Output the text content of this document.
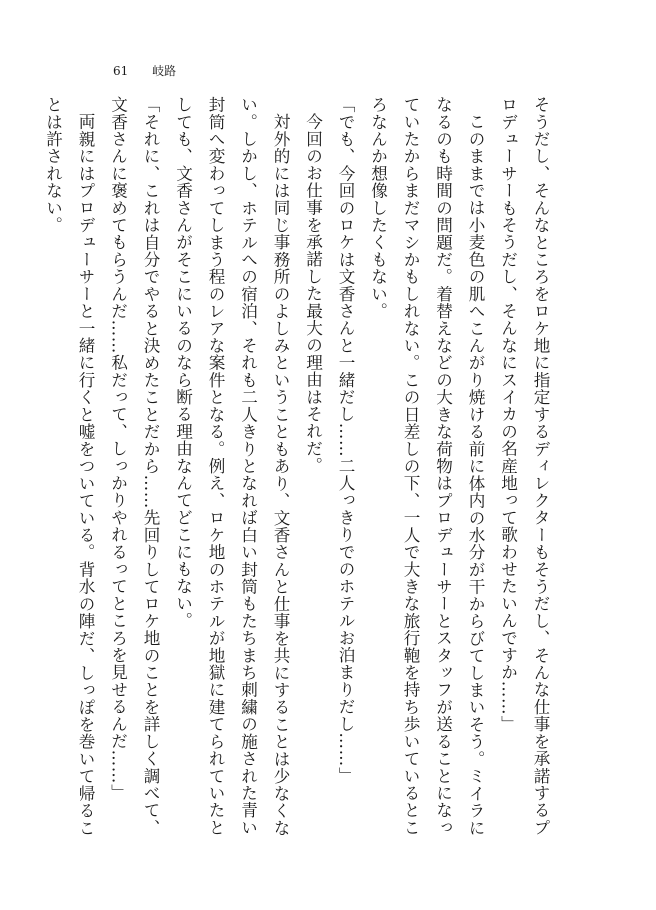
61 岐路

そうだし、そんなところをロケ地に指定するディレクターもそうだし、そんな仕事を承諾するプロデューサーもそうだし、そんなにスイカの名産地って歌わせたいんですか……」

このままでは小麦色の肌へこんがり焼ける前に体内の水分が干からびてしまいそう。ミイラになるのも時間の問題だ。着替えなどの大きな荷物はプロデューサーとスタッフが送ることになっていたからまだマシかもしれない。この日差しの下、一人で大きな旅行鞄を持ち歩いているところなんか想像したくもない。

「でも、今回のロケは文香さんと一緒だし……二人っきりでのホテルお泊まりだし……」

今回のお仕事を承諾した最大の理由はそれだ。

対外的には同じ事務所のよしみということもあり、文香さんと仕事を共にすることは少なくない。しかし、ホテルへの宿泊、それも二人きりとなれば白い封筒もたちまち刺繍の施された青い封筒へ変わってしまう程のレアな案件となる。例え、ロケ地のホテルが地獄に建てられていたとしても、文香さんがそこにいるのなら断る理由なんてどこにもない。

「それに、これは自分でやると決めたことだから……先回りしてロケ地のことを詳しく調べて、文香さんに褒めてもらうんだ……私だって、しっかりやれるってところを見せるんだ……」

両親にはプロデューサーと一緒に行くと嘘をついている。背水の陣だ、しっぽを巻いて帰ることは許されない。
